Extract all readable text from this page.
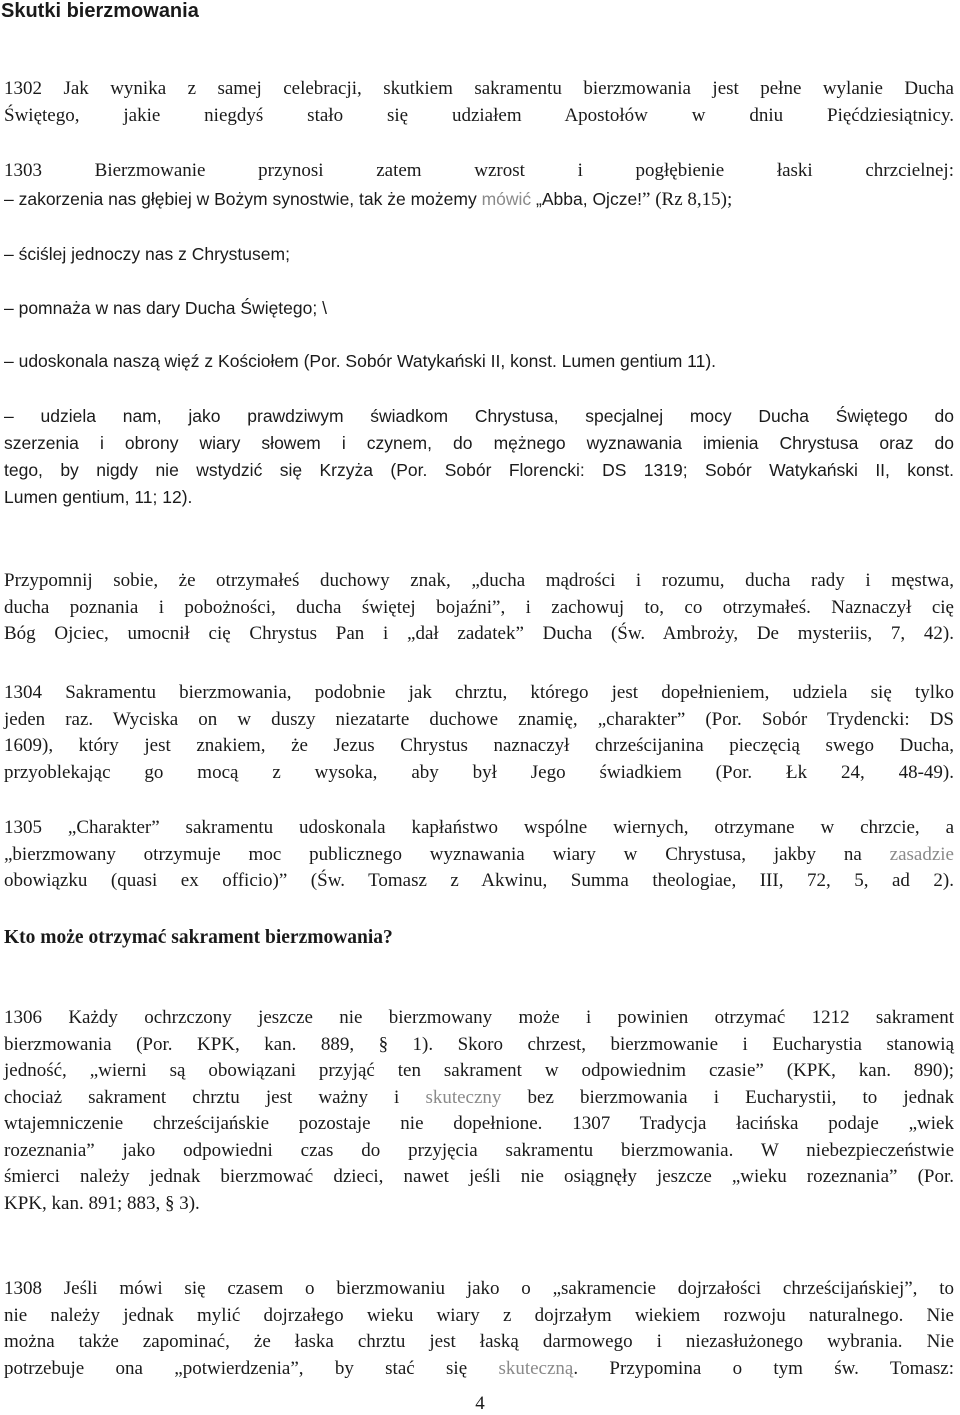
Skutki bierzmowania
1302 Jak wynika z samej celebracji, skutkiem sakramentu bierzmowania jest pełne wylanie Ducha
Świętego, jakie niegdyś stało się udziałem Apostołów w dniu Pięćdziesiątnicy.
1303 Bierzmowanie przynosi zatem wzrost i pogłębienie łaski chrzcielnej:
– zakorzenia nas głębiej w Bożym synostwie, tak że możemy mówić „Abba, Ojcze!” (Rz 8,15);
– ściślej jednoczy nas z Chrystusem;
– pomnaża w nas dary Ducha Świętego; \
– udoskonala naszą więź z Kościołem (Por. Sobór Watykański II, konst. Lumen gentium 11).
– udziela nam, jako prawdziwym świadkom Chrystusa, specjalnej mocy Ducha Świętego do
szerzenia i obrony wiary słowem i czynem, do mężnego wyznawania imienia Chrystusa oraz do
tego, by nigdy nie wstydzić się Krzyża (Por. Sobór Florencki: DS 1319; Sobór Watykański II, konst.
Lumen gentium, 11; 12).
Przypomnij sobie, że otrzymałeś duchowy znak, „ducha mądrości i rozumu, ducha rady i męstwa,
ducha poznania i pobożności, ducha świętej bojaźni”, i zachowuj to, co otrzymałeś. Naznaczył cię
Bóg Ojciec, umocnił cię Chrystus Pan i „dał zadatek” Ducha (Św. Ambroży, De mysteriis, 7, 42).
1304 Sakramentu bierzmowania, podobnie jak chrztu, którego jest dopełnieniem, udziela się tylko
jeden raz. Wyciska on w duszy niezatarte duchowe znamię, „charakter” (Por. Sobór Trydencki: DS
1609), który jest znakiem, że Jezus Chrystus naznaczył chrześcijanina pieczęcią swego Ducha,
przyoblekając go mocą z wysoka, aby był Jego świadkiem (Por. Łk 24, 48-49).
1305 „Charakter” sakramentu udoskonala kapłaństwo wspólne wiernych, otrzymane w chrzcie, a
„bierzmowany otrzymuje moc publicznego wyznawania wiary w Chrystusa, jakby na zasadzie
obowiązku (quasi ex officio)” (Św. Tomasz z Akwinu, Summa theologiae, III, 72, 5, ad 2).
Kto może otrzymać sakrament bierzmowania?
1306 Każdy ochrzczony jeszcze nie bierzmowany może i powinien otrzymać 1212 sakrament
bierzmowania (Por. KPK, kan. 889, § 1). Skoro chrzest, bierzmowanie i Eucharystia stanowią
jedność, „wierni są obowiązani przyjąć ten sakrament w odpowiednim czasie” (KPK, kan. 890);
chociaż sakrament chrztu jest ważny i skuteczny bez bierzmowania i Eucharystii, to jednak
wtajemniczenie chrześcijańskie pozostaje nie dopełnione. 1307 Tradycja łacińska podaje „wiek
rozeznania” jako odpowiedni czas do przyjęcia sakramentu bierzmowania. W niebezpieczeństwie
śmierci należy jednak bierzmować dzieci, nawet jeśli nie osiągnęły jeszcze „wieku rozeznania” (Por.
KPK, kan. 891; 883, § 3).
1308 Jeśli mówi się czasem o bierzmowaniu jako o „sakramencie dojrzałości chrześcijańskiej”, to
nie należy jednak mylić dojrzałego wieku wiary z dojrzałym wiekiem rozwoju naturalnego. Nie
można także zapominać, że łaska chrztu jest łaską darmowego i niezasłużonego wybrania. Nie
potrzebuje ona „potwierdzenia”, by stać się skuteczną. Przypomina o tym św. Tomasz:
4
